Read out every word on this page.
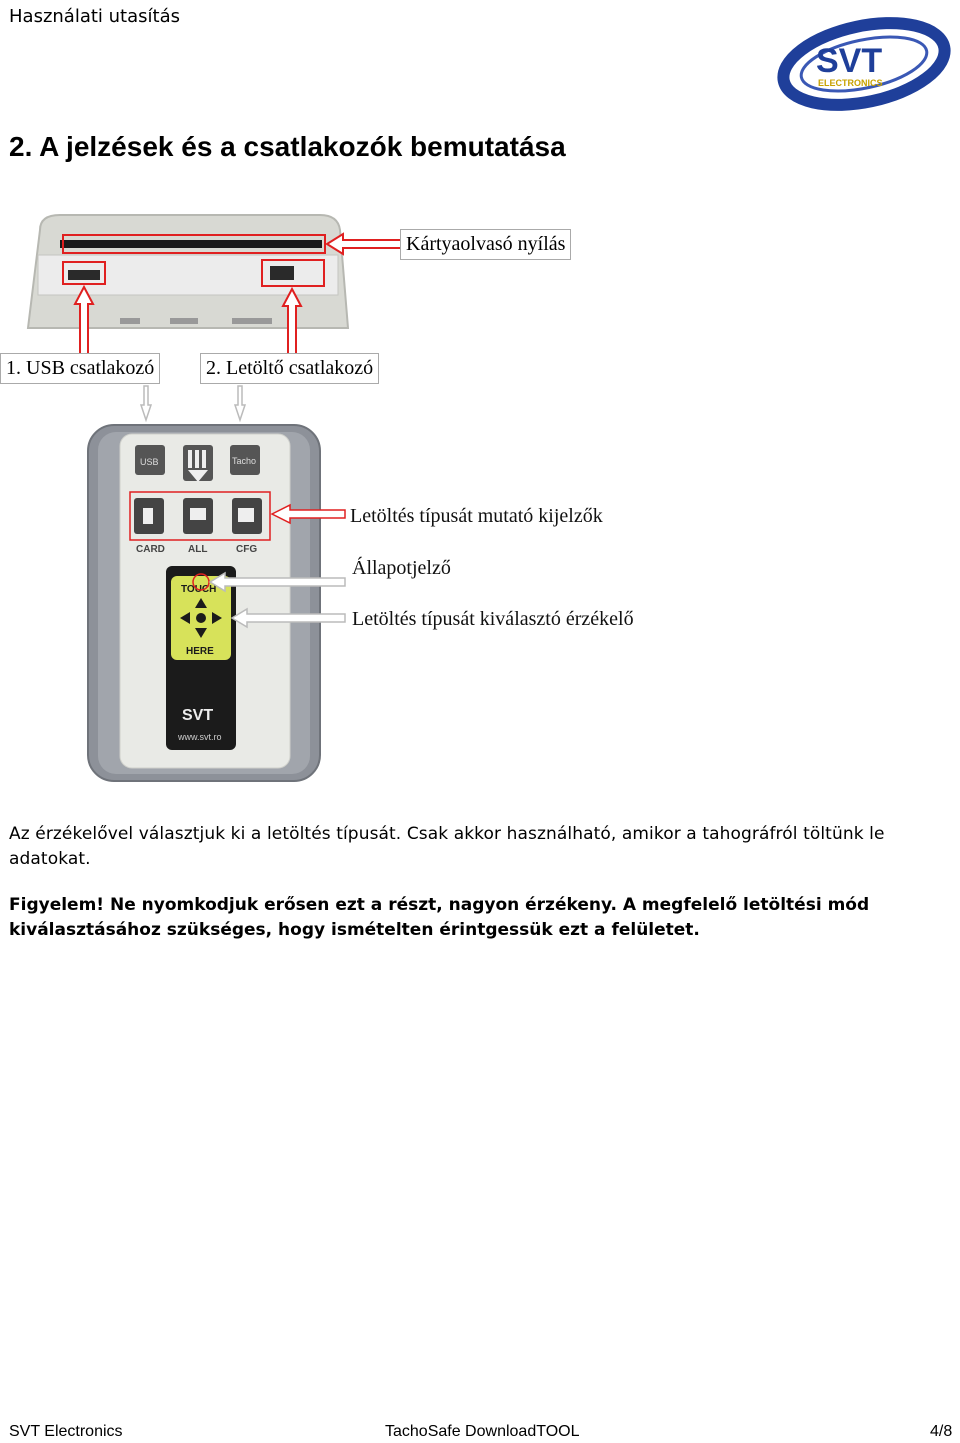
Használati utasítás
SVT
ELECTRONICS
2. A jelzések és a csatlakozók bemutatása
Kártyaolvasó nyílás
1. USB csatlakozó	2. Letöltő csatlakozó
USB	Tacho
CARD ALL	CFG
TOUCH
HERE
SVT
www.svt.ro
Letöltés típusát mutató kijelzők
Állapotjelző
Letöltés típusát kiválasztó érzékelő
Az érzékelővel választjuk ki a letöltés típusát. Csak akkor használható, amikor a tahográfról töltünk le adatokat.
Figyelem! Ne nyomkodjuk erősen ezt a részt, nagyon érzékeny. A megfelelő letöltési mód kiválasztásához szükséges, hogy ismételten érintgessük ezt a felületet.
SVT Electronics	TachoSafe DownloadTOOL	4/8
